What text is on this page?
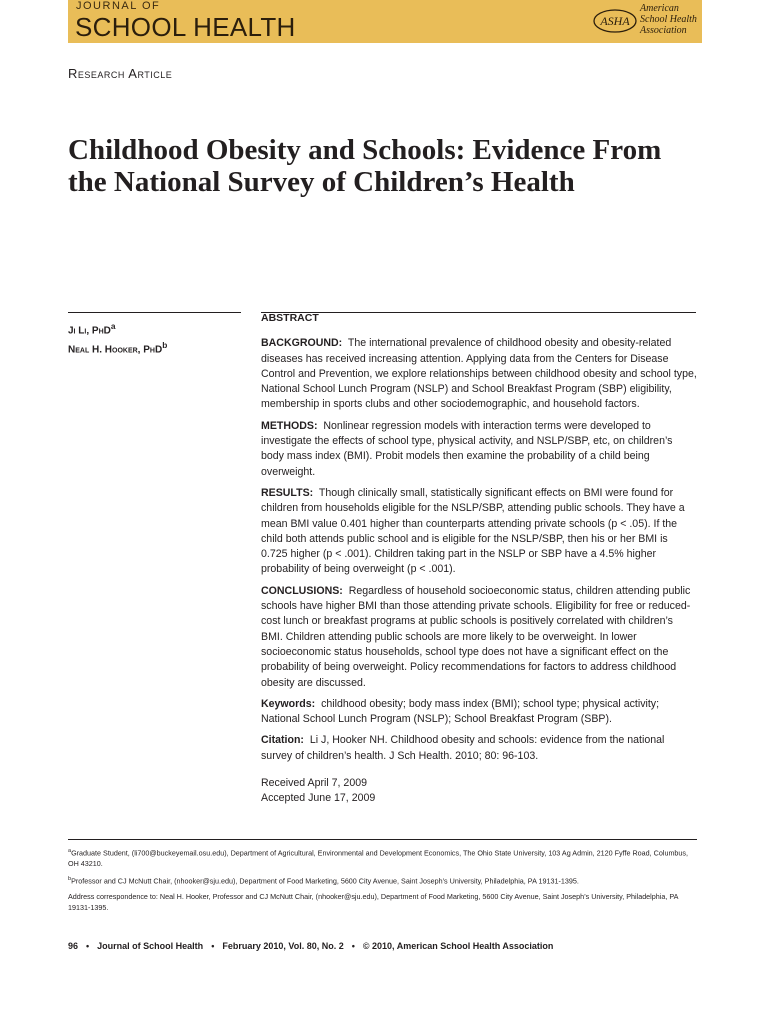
JOURNAL OF
SCHOOL HEALTH	ASHA
American
School Health
Association
Research Article
Childhood Obesity and Schools: Evidence From the National Survey of Children’s Health
Ji Li, PhD$^a$
Neal H. Hooker, PhD$^b$

ABSTRACT

BACKGROUND: The international prevalence of childhood obesity and obesity-related diseases has received increasing attention. Applying data from the Centers for Disease Control and Prevention, we explore relationships between childhood obesity and school type, National School Lunch Program (NSLP) and School Breakfast Program (SBP) eligibility, membership in sports clubs and other sociodemographic, and household factors.

METHODS: Nonlinear regression models with interaction terms were developed to investigate the effects of school type, physical activity, and NSLP/SBP, etc, on children’s body mass index (BMI). Probit models then examine the probability of a child being overweight.

RESULTS: Though clinically small, statistically significant effects on BMI were found for children from households eligible for the NSLP/SBP, attending public schools. They have a mean BMI value 0.401 higher than counterparts attending private schools (p < .05). If the child both attends public school and is eligible for the NSLP/SBP, then his or her BMI is 0.725 higher (p < .001). Children taking part in the NSLP or SBP have a 4.5% higher probability of being overweight (p < .001).

CONCLUSIONS: Regardless of household socioeconomic status, children attending public schools have higher BMI than those attending private schools. Eligibility for free or reduced-cost lunch or breakfast programs at public schools is positively correlated with children’s BMI. Children attending public schools are more likely to be overweight. In lower socioeconomic status households, school type does not have a significant effect on the probability of being overweight. Policy recommendations for factors to address childhood obesity are discussed.

Keywords: childhood obesity; body mass index (BMI); school type; physical activity; National School Lunch Program (NSLP); School Breakfast Program (SBP).

Citation: Li J, Hooker NH. Childhood obesity and schools: evidence from the national survey of children’s health. J Sch Health. 2010; 80: 96-103.

Received April 7, 2009
Accepted June 17, 2009

$^a$Graduate Student, (li700@buckeyemail.osu.edu), Department of Agricultural, Environmental and Development Economics, The Ohio State University, 103 Ag Admin, 2120 Fyffe Road, Columbus, OH 43210.

$^b$Professor and CJ McNutt Chair, (nhooker@sju.edu), Department of Food Marketing, 5600 City Avenue, Saint Joseph’s University, Philadelphia, PA 19131-1395.

Address correspondence to: Neal H. Hooker, Professor and CJ McNutt Chair, (nhooker@sju.edu), Department of Food Marketing, 5600 City Avenue, Saint Joseph’s University, Philadelphia, PA 19131-1395.

96 • Journal of School Health • February 2010, Vol. 80, No. 2 • © 2010, American School Health Association
